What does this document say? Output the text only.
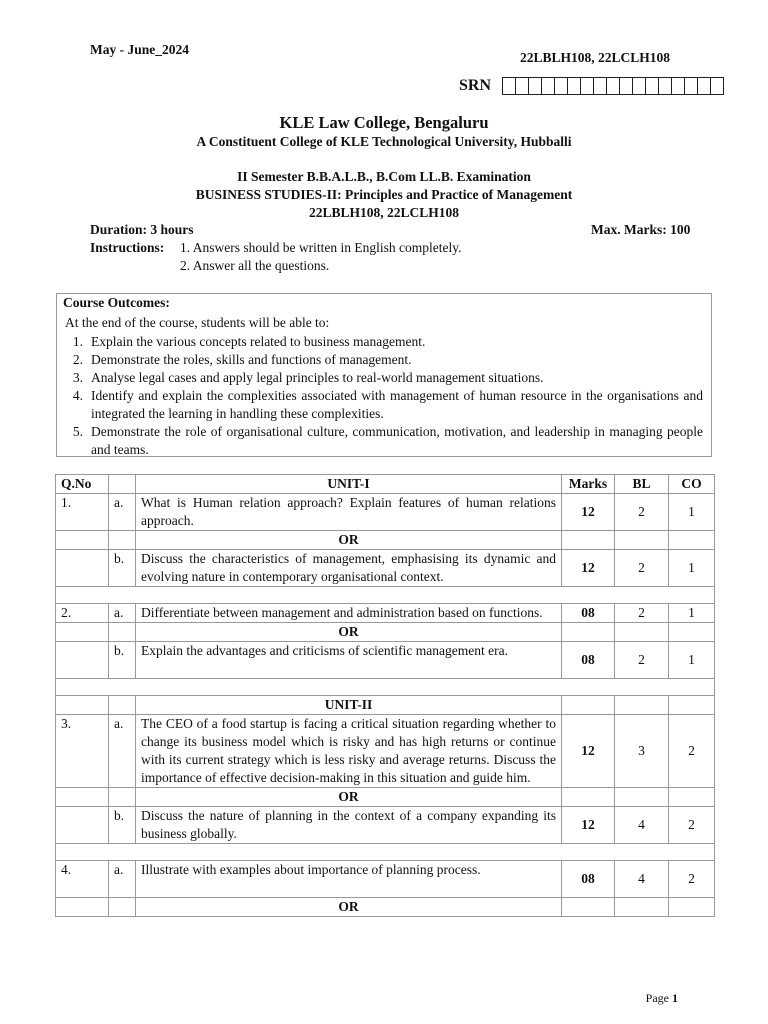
May - June_2024
22LBLH108, 22LCLH108
SRN
KLE Law College, Bengaluru
A Constituent College of KLE Technological University, Hubballi
II Semester B.B.A.L.B., B.Com LL.B. Examination
BUSINESS STUDIES-II: Principles and Practice of Management
22LBLH108, 22LCLH108
Duration: 3 hours	Max. Marks: 100
Instructions: 1. Answers should be written in English completely.
2. Answer all the questions.
Course Outcomes:
At the end of the course, students will be able to:
1. Explain the various concepts related to business management.
2. Demonstrate the roles, skills and functions of management.
3. Analyse legal cases and apply legal principles to real-world management situations.
4. Identify and explain the complexities associated with management of human resource in the organisations and integrated the learning in handling these complexities.
5. Demonstrate the role of organisational culture, communication, motivation, and leadership in managing people and teams.
Q.No		UNIT-I	Marks	BL	CO
1.	a.	What is Human relation approach? Explain features of human relations approach.	12	2	1
		OR			
	b.	Discuss the characteristics of management, emphasising its dynamic and evolving nature in contemporary organisational context.	12	2	1

2.	a.	Differentiate between management and administration based on functions.	08	2	1
		OR			
	b.	Explain the advantages and criticisms of scientific management era.	08	2	1

		UNIT-II			
3.	a.	The CEO of a food startup is facing a critical situation regarding whether to change its business model which is risky and has high returns or continue with its current strategy which is less risky and average returns. Discuss the importance of effective decision-making in this situation and guide him.	12	3	2
		OR			
	b.	Discuss the nature of planning in the context of a company expanding its business globally.	12	4	2

4.	a.	Illustrate with examples about importance of planning process.	08	4	2
		OR			
Page 1
